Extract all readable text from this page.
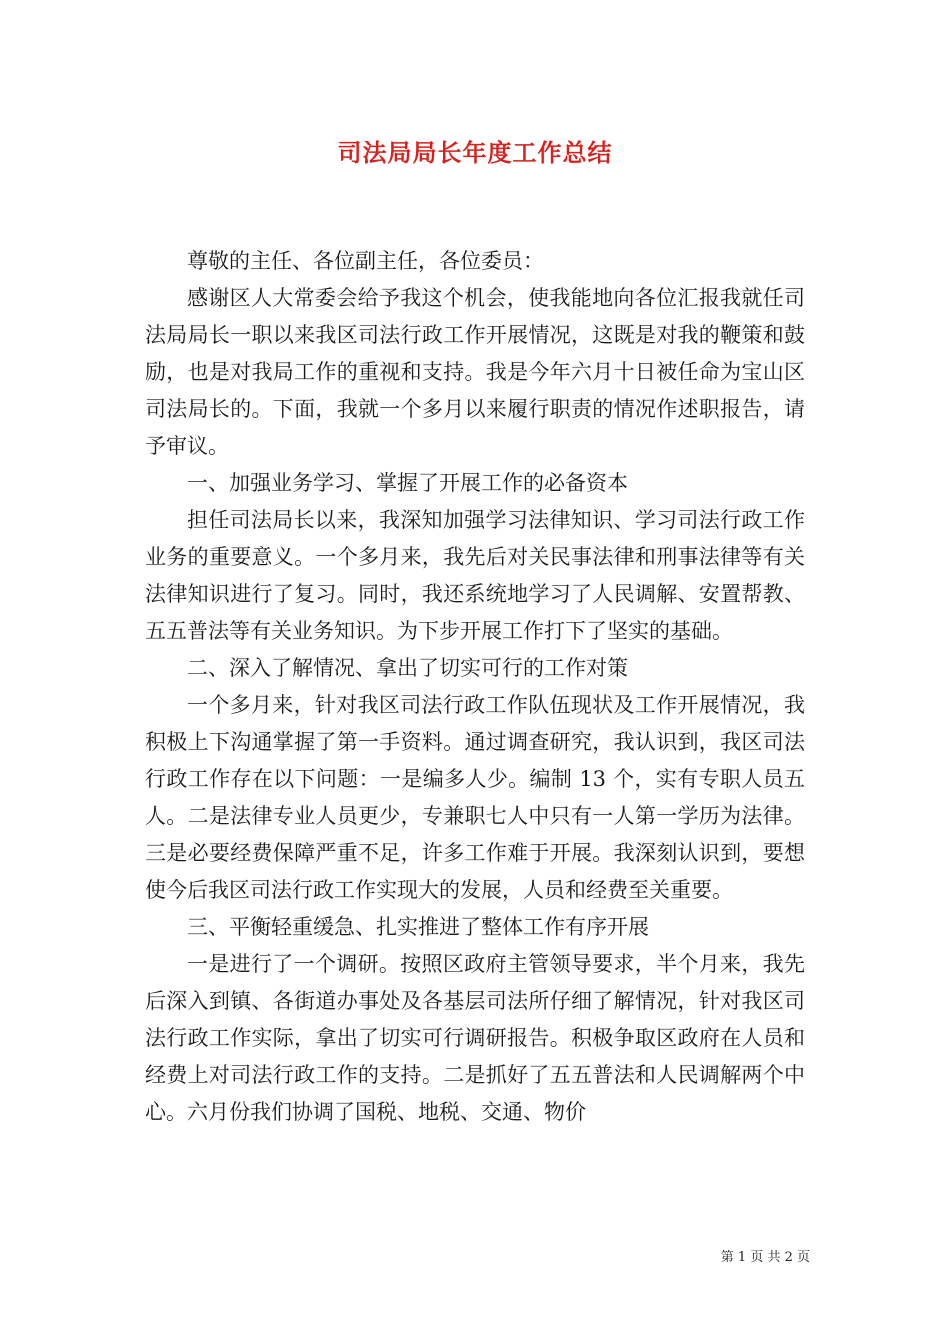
司法局局长年度工作总结

尊敬的主任、各位副主任，各位委员：

感谢区人大常委会给予我这个机会，使我能地向各位汇报我就任司法局局长一职以来我区司法行政工作开展情况，这既是对我的鞭策和鼓励，也是对我局工作的重视和支持。我是今年六月十日被任命为宝山区司法局长的。下面，我就一个多月以来履行职责的情况作述职报告，请予审议。

一、加强业务学习、掌握了开展工作的必备资本

担任司法局长以来，我深知加强学习法律知识、学习司法行政工作业务的重要意义。一个多月来，我先后对关民事法律和刑事法律等有关法律知识进行了复习。同时，我还系统地学习了人民调解、安置帮教、五五普法等有关业务知识。为下步开展工作打下了坚实的基础。

二、深入了解情况、拿出了切实可行的工作对策

一个多月来，针对我区司法行政工作队伍现状及工作开展情况，我积极上下沟通掌握了第一手资料。通过调查研究，我认识到，我区司法行政工作存在以下问题：一是编多人少。编制 13 个，实有专职人员五人。二是法律专业人员更少，专兼职七人中只有一人第一学历为法律。三是必要经费保障严重不足，许多工作难于开展。我深刻认识到，要想使今后我区司法行政工作实现大的发展，人员和经费至关重要。

三、平衡轻重缓急、扎实推进了整体工作有序开展

一是进行了一个调研。按照区政府主管领导要求，半个月来，我先后深入到镇、各街道办事处及各基层司法所仔细了解情况，针对我区司法行政工作实际，拿出了切实可行调研报告。积极争取区政府在人员和经费上对司法行政工作的支持。二是抓好了五五普法和人民调解两个中心。六月份我们协调了国税、地税、交通、物价

第 1 页 共 2 页
